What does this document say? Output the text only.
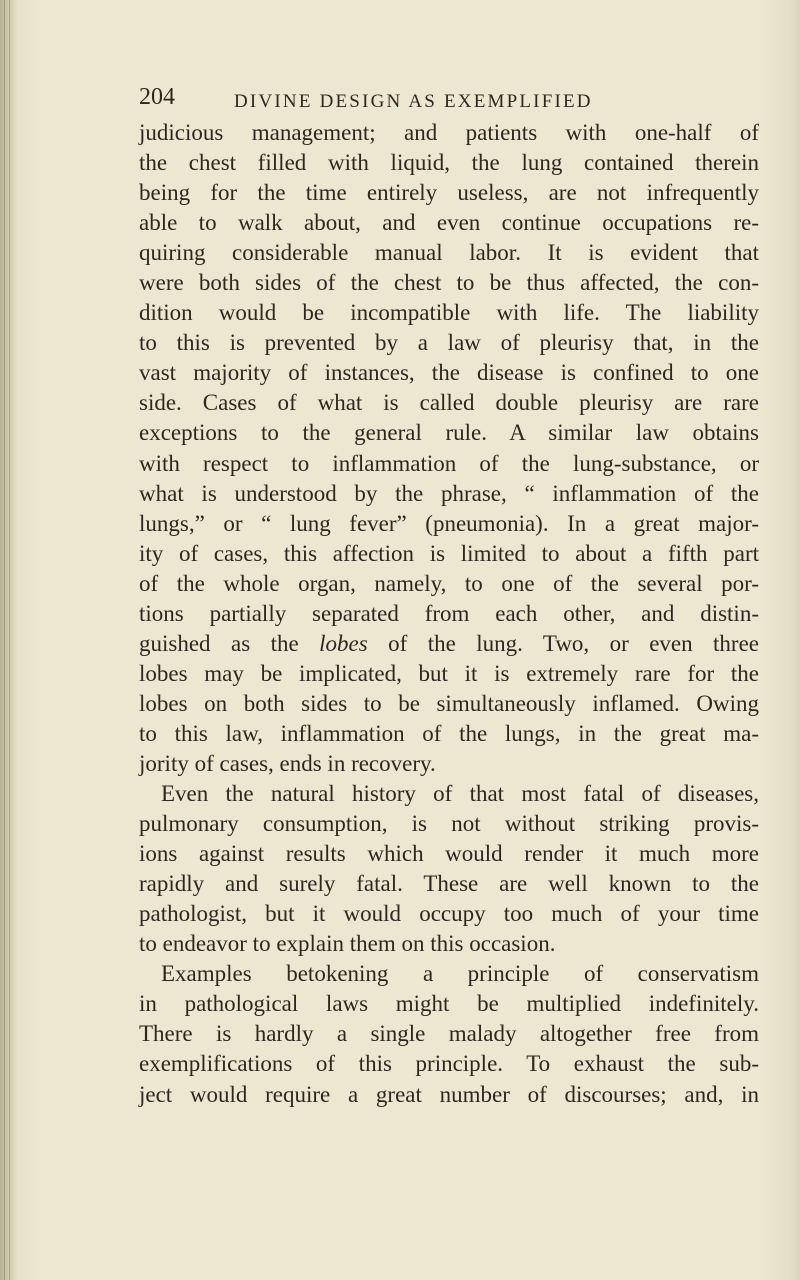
204	DIVINE DESIGN AS EXEMPLIFIED
judicious management; and patients with one-half of
the chest filled with liquid, the lung contained therein
being for the time entirely useless, are not infrequently
able to walk about, and even continue occupations re-
quiring considerable manual labor. It is evident that
were both sides of the chest to be thus affected, the con-
dition would be incompatible with life. The liability
to this is prevented by a law of pleurisy that, in the
vast majority of instances, the disease is confined to one
side. Cases of what is called double pleurisy are rare
exceptions to the general rule. A similar law obtains
with respect to inflammation of the lung-substance, or
what is understood by the phrase, “ inflammation of the
lungs,” or “ lung fever” (pneumonia). In a great major-
ity of cases, this affection is limited to about a fifth part
of the whole organ, namely, to one of the several por-
tions partially separated from each other, and distin-
guished as the lobes of the lung. Two, or even three
lobes may be implicated, but it is extremely rare for the
lobes on both sides to be simultaneously inflamed. Owing
to this law, inflammation of the lungs, in the great ma-
jority of cases, ends in recovery.
Even the natural history of that most fatal of diseases,
pulmonary consumption, is not without striking provis-
ions against results which would render it much more
rapidly and surely fatal. These are well known to the
pathologist, but it would occupy too much of your time
to endeavor to explain them on this occasion.
Examples betokening a principle of conservatism
in pathological laws might be multiplied indefinitely.
There is hardly a single malady altogether free from
exemplifications of this principle. To exhaust the sub-
ject would require a great number of discourses; and, in
